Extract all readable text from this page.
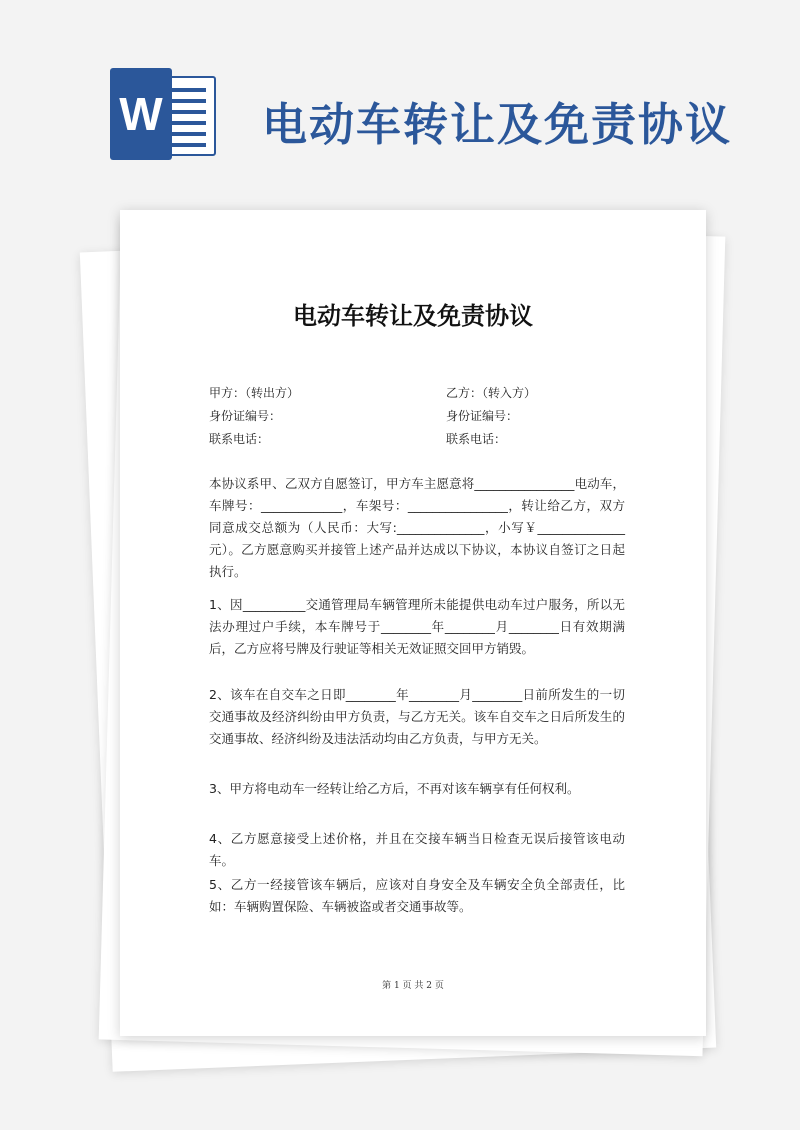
W 电动车转让及免责协议
电动车转让及免责协议
甲方：（转出方）	乙方：（转入方）
身份证编号：	身份证编号：
联系电话：	联系电话：

本协议系甲、乙双方自愿签订，甲方车主愿意将________________电动车，车牌号：_____________，车架号：________________，转让给乙方，双方同意成交总额为（人民币：大写:______________，小写￥______________元）。乙方愿意购买并接管上述产品并达成以下协议，本协议自签订之日起执行。

1、因__________交通管理局车辆管理所未能提供电动车过户服务，所以无法办理过户手续，本车牌号于________年________月________日有效期满后，乙方应将号牌及行驶证等相关无效证照交回甲方销毁。

2、该车在自交车之日即________年________月________日前所发生的一切交通事故及经济纠纷由甲方负责，与乙方无关。该车自交车之日后所发生的交通事故、经济纠纷及违法活动均由乙方负责，与甲方无关。

3、甲方将电动车一经转让给乙方后，不再对该车辆享有任何权利。

4、乙方愿意接受上述价格，并且在交接车辆当日检查无误后接管该电动车。

5、乙方一经接管该车辆后，应该对自身安全及车辆安全负全部责任，比如：车辆购置保险、车辆被盗或者交通事故等。

第 1 页 共 2 页
